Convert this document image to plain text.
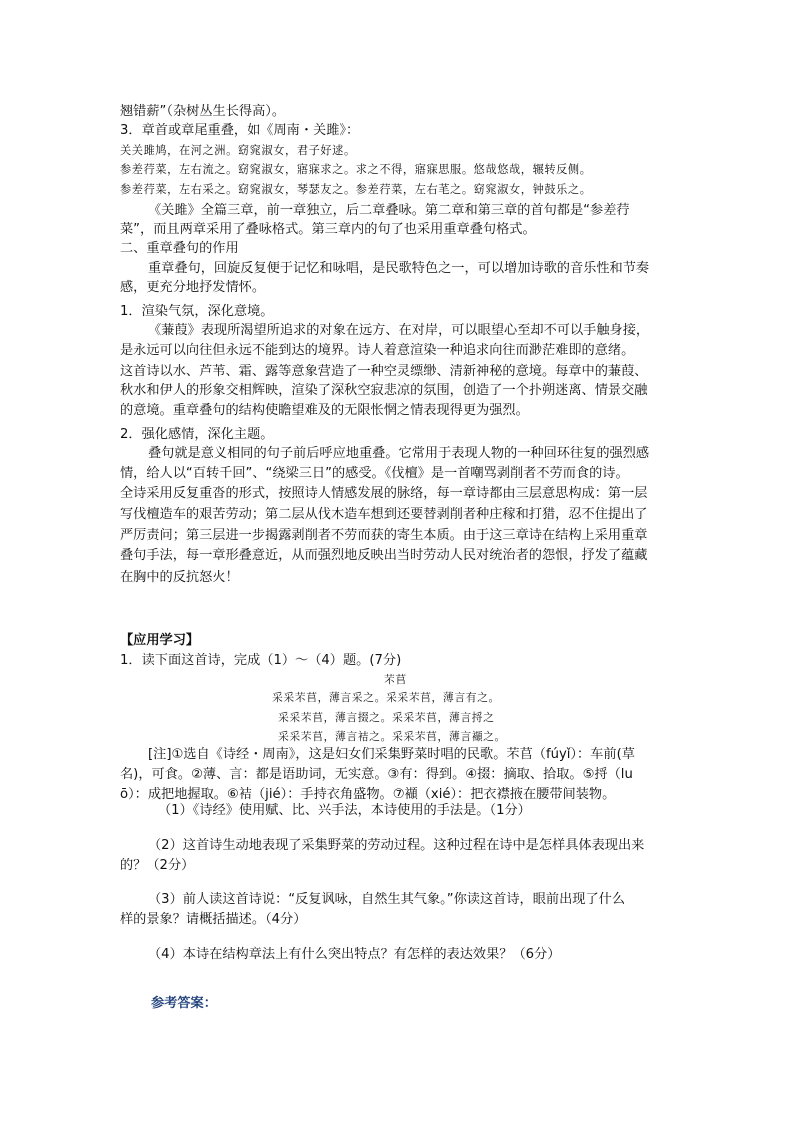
翘错薪”（杂树丛生长得高）。
3．章首或章尾重叠，如《周南・关雎》：
关关雎鸠，在河之洲。窈窕淑女，君子好逑。
参差荇菜，左右流之。窈窕淑女，寤寐求之。求之不得，寤寐思服。悠哉悠哉，辗转反侧。
参差荇菜，左右采之。窈窕淑女，琴瑟友之。参差荇菜，左右芼之。窈窕淑女，钟鼓乐之。
《关雎》全篇三章，前一章独立，后二章叠咏。第二章和第三章的首句都是“参差荇
菜”，而且两章采用了叠咏格式。第三章内的句了也采用重章叠句格式。
二、重章叠句的作用
重章叠句，回旋反复便于记忆和咏唱，是民歌特色之一，可以增加诗歌的音乐性和节奏
感，更充分地抒发情怀。
1．渲染气氛，深化意境。
《蒹葭》表现所渴望所追求的对象在远方、在对岸，可以眼望心至却不可以手触身接，
是永远可以向往但永远不能到达的境界。诗人着意渲染一种追求向往而渺茫难即的意绪。
这首诗以水、芦苇、霜、露等意象营造了一种空灵缥缈、清新神秘的意境。每章中的蒹葭、
秋水和伊人的形象交相辉映，渲染了深秋空寂悲凉的氛围，创造了一个扑朔迷离、情景交融
的意境。重章叠句的结构使瞻望难及的无限怅惘之情表现得更为强烈。
2．强化感情，深化主题。
叠句就是意义相同的句子前后呼应地重叠。它常用于表现人物的一种回环往复的强烈感
情，给人以“百转千回”、“绕梁三日”的感受。《伐檀》是一首嘲骂剥削者不劳而食的诗。
全诗采用反复重沓的形式，按照诗人情感发展的脉络，每一章诗都由三层意思构成：第一层
写伐檀造车的艰苦劳动；第二层从伐木造车想到还要替剥削者种庄稼和打猎，忍不住提出了
严厉责问；第三层进一步揭露剥削者不劳而获的寄生本质。由于这三章诗在结构上采用重章
叠句手法，每一章形叠意近，从而强烈地反映出当时劳动人民对统治者的怨恨，抒发了蕴藏
在胸中的反抗怒火！
【应用学习】
1．读下面这首诗，完成（1）～（4）题。(7分)
芣苢
采采芣苢，薄言采之。采采芣苢，薄言有之。
采采芣苢，薄言掇之。采采芣苢，薄言捋之
采采芣苢，薄言袺之。采采芣苢，薄言襭之。
[注]①选自《诗经・周南》，这是妇女们采集野菜时唱的民歌。芣苢（fúyǐ）：车前(草
名)，可食。②薄、言：都是语助词，无实意。③有：得到。④掇：摘取、拾取。⑤捋（lu
ō）：成把地握取。⑥袺（jié）：手持衣角盛物。⑦襭（xié）：把衣襟掖在腰带间装物。
（1）《诗经》使用赋、比、兴手法，本诗使用的手法是。（1分）
（2）这首诗生动地表现了采集野菜的劳动过程。这种过程在诗中是怎样具体表现出来
的？（2分）
（3）前人读这首诗说：“反复讽咏，自然生其气象。”你读这首诗，眼前出现了什么
样的景象？请概括描述。（4分）
（4）本诗在结构章法上有什么突出特点？有怎样的表达效果？（6分）
参考答案：
